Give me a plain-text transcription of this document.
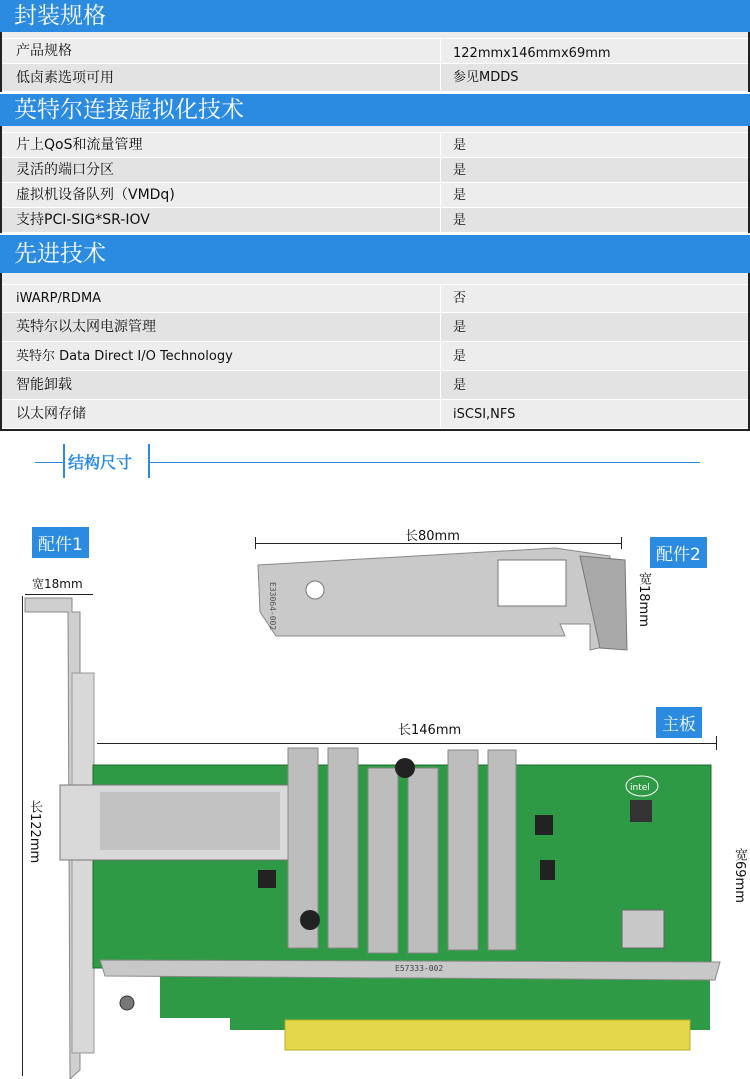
封装规格
产品规格	122mmx146mmx69mm
低卤素选项可用	参见MDDS
英特尔连接虚拟化技术
片上QoS和流量管理	是
灵活的端口分区	是
虚拟机设备队列（VMDq)	是
支持PCI-SIG*SR-IOV	是
先进技术
iWARP/RDMA	否
英特尔以太网电源管理	是
英特尔 Data Direct I/O Technology	是
智能卸载	是
以太网存储	iSCSI,NFS
结构尺寸
配件1	配件2
主板
宽18mm
长122mm
长80mm
宽18mm
长146mm
宽69mm
E33064-002
intel
E57333-002
